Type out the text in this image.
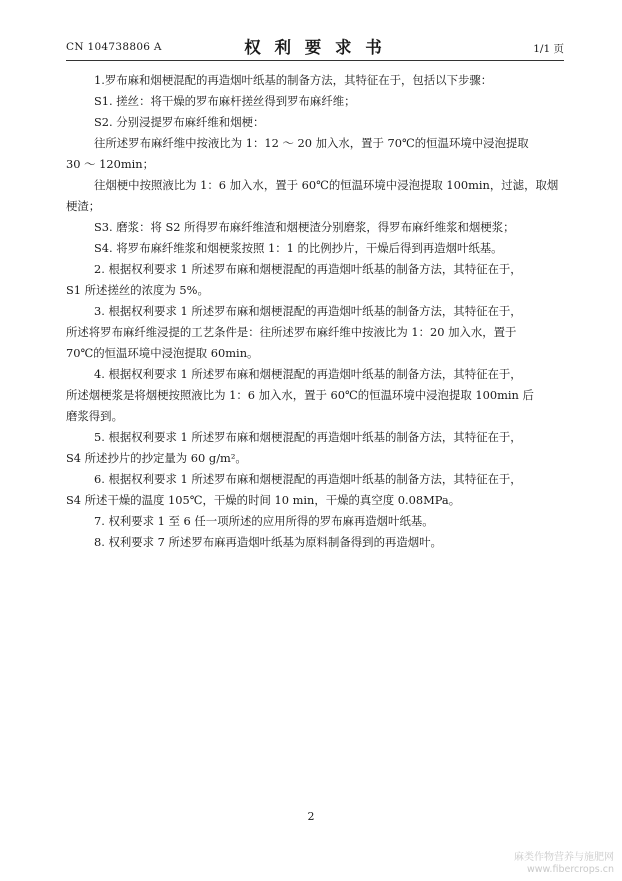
CN 104738806 A	权 利 要 求 书	1/1 页

1.罗布麻和烟梗混配的再造烟叶纸基的制备方法，其特征在于，包括以下步骤：

S1. 搓丝：将干燥的罗布麻杆搓丝得到罗布麻纤维；

S2. 分别浸提罗布麻纤维和烟梗：

往所述罗布麻纤维中按液比为 1：12 ～ 20 加入水，置于 70℃的恒温环境中浸泡提取
30 ～ 120min；

往烟梗中按照液比为 1：6 加入水，置于 60℃的恒温环境中浸泡提取 100min，过滤，取烟
梗渣；

S3. 磨浆：将 S2 所得罗布麻纤维渣和烟梗渣分别磨浆，得罗布麻纤维浆和烟梗浆；

S4. 将罗布麻纤维浆和烟梗浆按照 1：1 的比例抄片，干燥后得到再造烟叶纸基。

2. 根据权利要求 1 所述罗布麻和烟梗混配的再造烟叶纸基的制备方法，其特征在于，
S1 所述搓丝的浓度为 5%。

3. 根据权利要求 1 所述罗布麻和烟梗混配的再造烟叶纸基的制备方法，其特征在于，
所述将罗布麻纤维浸提的工艺条件是：往所述罗布麻纤维中按液比为 1：20 加入水，置于
70℃的恒温环境中浸泡提取 60min。

4. 根据权利要求 1 所述罗布麻和烟梗混配的再造烟叶纸基的制备方法，其特征在于，
所述烟梗浆是将烟梗按照液比为 1：6 加入水，置于 60℃的恒温环境中浸泡提取 100min 后
磨浆得到。

5. 根据权利要求 1 所述罗布麻和烟梗混配的再造烟叶纸基的制备方法，其特征在于，
S4 所述抄片的抄定量为 60 g/m²。

6. 根据权利要求 1 所述罗布麻和烟梗混配的再造烟叶纸基的制备方法，其特征在于，
S4 所述干燥的温度 105℃，干燥的时间 10 min，干燥的真空度 0.08MPa。

7. 权利要求 1 至 6 任一项所述的应用所得的罗布麻再造烟叶纸基。

8. 权利要求 7 所述罗布麻再造烟叶纸基为原料制备得到的再造烟叶。

2
麻类作物营养与施肥网
www.fibercrops.cn
